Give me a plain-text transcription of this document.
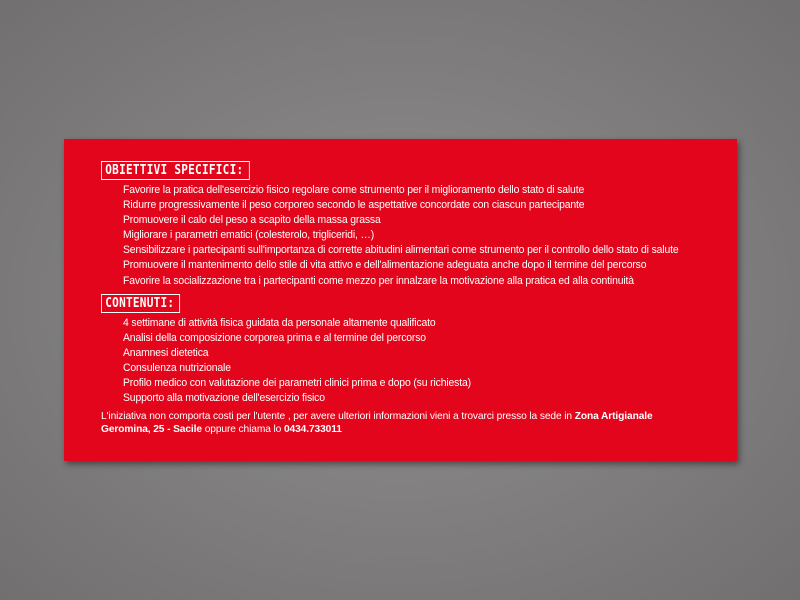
OBIETTIVI SPECIFICI:
Favorire la pratica dell'esercizio fisico regolare come strumento per il miglioramento dello stato di salute
Ridurre progressivamente il peso corporeo secondo le aspettative concordate con ciascun partecipante
Promuovere il calo del peso a scapito della massa grassa
Migliorare i parametri ematici (colesterolo, trigliceridi, …)
Sensibilizzare i partecipanti sull'importanza di corrette abitudini alimentari come strumento per il controllo dello stato di salute
Promuovere il mantenimento dello stile di vita attivo e dell'alimentazione adeguata anche dopo il termine del percorso
Favorire la socializzazione tra i partecipanti come mezzo per innalzare la motivazione alla pratica ed alla continuità
CONTENUTI:
4 settimane di attività fisica guidata da personale altamente qualificato
Analisi della composizione corporea prima e al termine del percorso
Anamnesi dietetica
Consulenza nutrizionale
Profilo medico con valutazione dei parametri clinici prima e dopo (su richiesta)
Supporto alla motivazione dell'esercizio fisico
L'iniziativa non comporta costi per l'utente , per avere ulteriori informazioni vieni a trovarci presso la sede in Zona Artigianale Geromina, 25 - Sacile oppure chiama lo 0434.733011
